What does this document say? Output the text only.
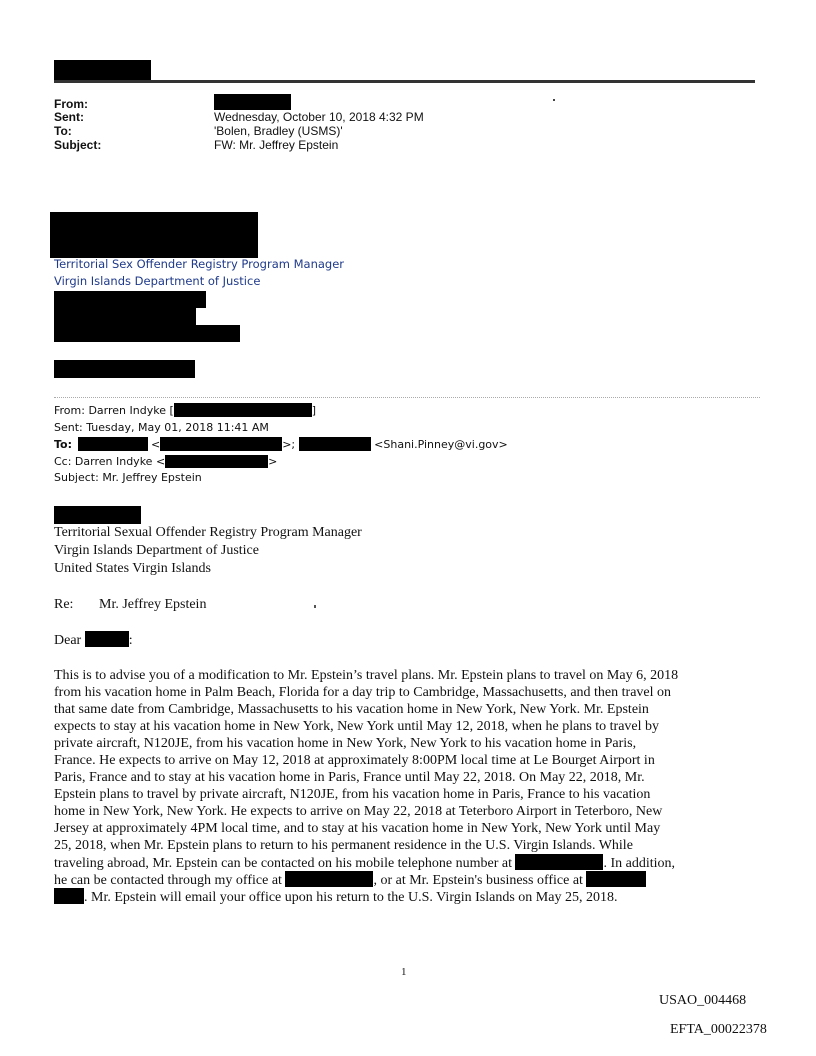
From:
Sent:	Wednesday, October 10, 2018 4:32 PM
To:	'Bolen, Bradley (USMS)'
Subject:	FW: Mr. Jeffrey Epstein
Territorial Sex Offender Registry Program Manager
Virgin Islands Department of Justice
From: Darren Indyke [	]
Sent: Tuesday, May 01, 2018 11:41 AM
To:	<	>;	<Shani.Pinney@vi.gov>
Cc: Darren Indyke <	>
Subject: Mr. Jeffrey Epstein
Territorial Sexual Offender Registry Program Manager
Virgin Islands Department of Justice
United States Virgin Islands
Re: Mr. Jeffrey Epstein
Dear	:
This is to advise you of a modification to Mr. Epstein’s travel plans. Mr. Epstein plans to travel on May 6, 2018
from his vacation home in Palm Beach, Florida for a day trip to Cambridge, Massachusetts, and then travel on
that same date from Cambridge, Massachusetts to his vacation home in New York, New York. Mr. Epstein
expects to stay at his vacation home in New York, New York until May 12, 2018, when he plans to travel by
private aircraft, N120JE, from his vacation home in New York, New York to his vacation home in Paris,
France. He expects to arrive on May 12, 2018 at approximately 8:00PM local time at Le Bourget Airport in
Paris, France and to stay at his vacation home in Paris, France until May 22, 2018. On May 22, 2018, Mr.
Epstein plans to travel by private aircraft, N120JE, from his vacation home in Paris, France to his vacation
home in New York, New York. He expects to arrive on May 22, 2018 at Teterboro Airport in Teterboro, New
Jersey at approximately 4PM local time, and to stay at his vacation home in New York, New York until May
25, 2018, when Mr. Epstein plans to return to his permanent residence in the U.S. Virgin Islands. While
traveling abroad, Mr. Epstein can be contacted on his mobile telephone number at	. In addition,
he can be contacted through my office at	, or at Mr. Epstein's business office at
. Mr. Epstein will email your office upon his return to the U.S. Virgin Islands on May 25, 2018.
1
USAO_004468
EFTA_00022378
